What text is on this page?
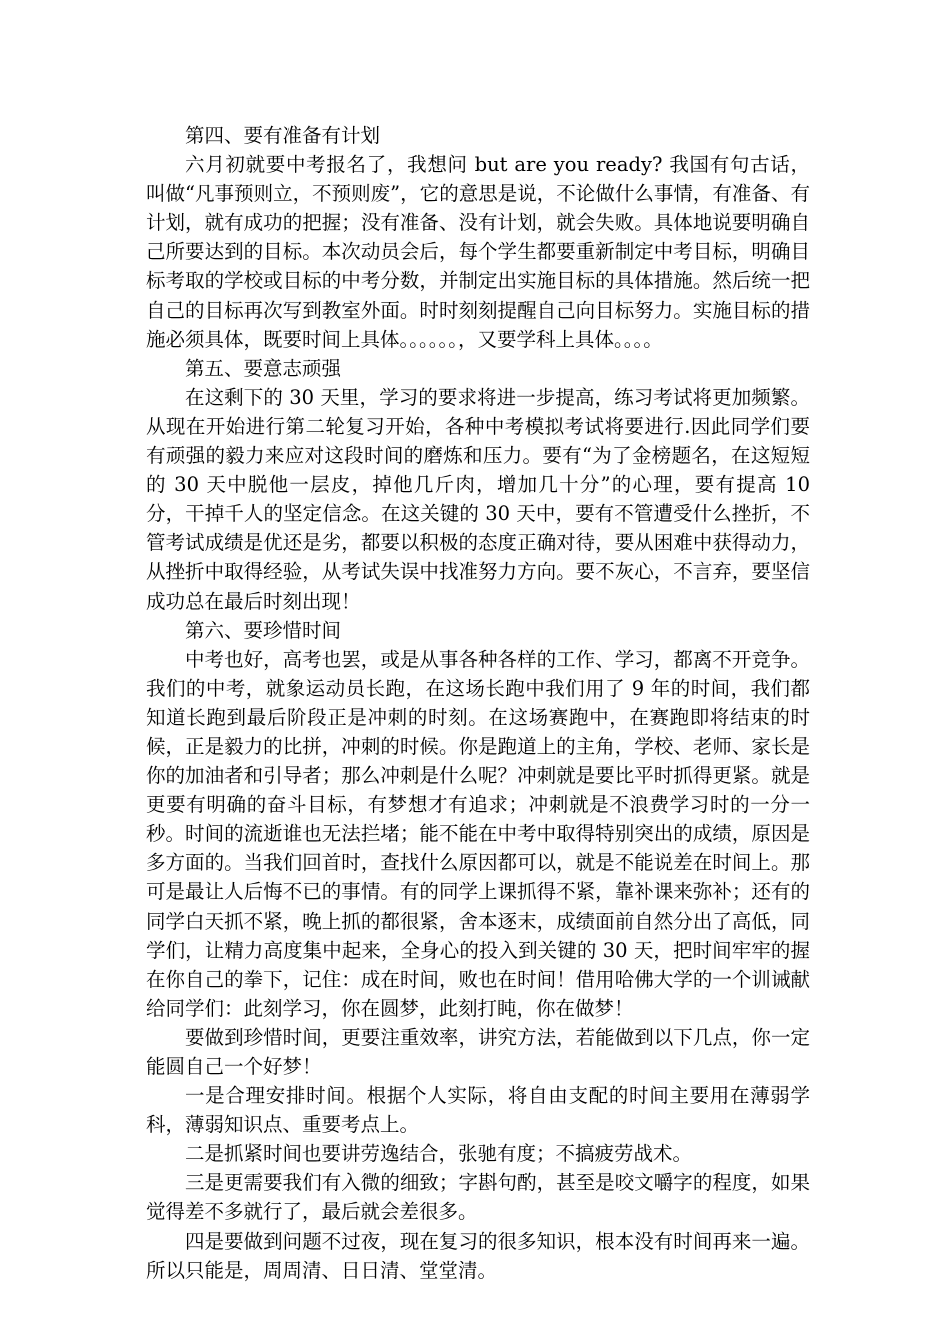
第四、要有准备有计划

六月初就要中考报名了，我想问 but are you ready? 我国有句古话，叫做“凡事预则立，不预则废”，它的意思是说，不论做什么事情，有准备、有计划，就有成功的把握；没有准备、没有计划，就会失败。具体地说要明确自己所要达到的目标。本次动员会后，每个学生都要重新制定中考目标，明确目标考取的学校或目标的中考分数，并制定出实施目标的具体措施。然后统一把自己的目标再次写到教室外面。时时刻刻提醒自己向目标努力。实施目标的措施必须具体，既要时间上具体。。。。。。，又要学科上具体。。。。

第五、要意志顽强

在这剩下的 30 天里，学习的要求将进一步提高，练习考试将更加频繁。从现在开始进行第二轮复习开始，各种中考模拟考试将要进行.因此同学们要有顽强的毅力来应对这段时间的磨炼和压力。要有“为了金榜题名，在这短短的 30 天中脱他一层皮，掉他几斤肉，增加几十分”的心理，要有提高 10 分，干掉千人的坚定信念。在这关键的 30 天中，要有不管遭受什么挫折，不管考试成绩是优还是劣，都要以积极的态度正确对待，要从困难中获得动力，从挫折中取得经验，从考试失误中找准努力方向。要不灰心，不言弃，要坚信成功总在最后时刻出现！

第六、要珍惜时间

中考也好，高考也罢，或是从事各种各样的工作、学习，都离不开竞争。我们的中考，就象运动员长跑，在这场长跑中我们用了 9 年的时间，我们都知道长跑到最后阶段正是冲刺的时刻。在这场赛跑中，在赛跑即将结束的时候，正是毅力的比拼，冲刺的时候。你是跑道上的主角，学校、老师、家长是你的加油者和引导者；那么冲刺是什么呢？冲刺就是要比平时抓得更紧。就是更要有明确的奋斗目标，有梦想才有追求；冲刺就是不浪费学习时的一分一秒。时间的流逝谁也无法拦堵；能不能在中考中取得特别突出的成绩，原因是多方面的。当我们回首时，查找什么原因都可以，就是不能说差在时间上。那可是最让人后悔不已的事情。有的同学上课抓得不紧，靠补课来弥补；还有的同学白天抓不紧，晚上抓的都很紧，舍本逐末，成绩面前自然分出了高低，同学们，让精力高度集中起来，全身心的投入到关键的 30 天，把时间牢牢的握在你自己的拳下，记住：成在时间，败也在时间！借用哈佛大学的一个训诫献给同学们：此刻学习，你在圆梦，此刻打盹，你在做梦！

要做到珍惜时间，更要注重效率，讲究方法，若能做到以下几点，你一定能圆自己一个好梦！

一是合理安排时间。根据个人实际，将自由支配的时间主要用在薄弱学科，薄弱知识点、重要考点上。

二是抓紧时间也要讲劳逸结合，张驰有度；不搞疲劳战术。

三是更需要我们有入微的细致；字斟句酌，甚至是咬文嚼字的程度，如果觉得差不多就行了，最后就会差很多。

四是要做到问题不过夜，现在复习的很多知识，根本没有时间再来一遍。所以只能是，周周清、日日清、堂堂清。
